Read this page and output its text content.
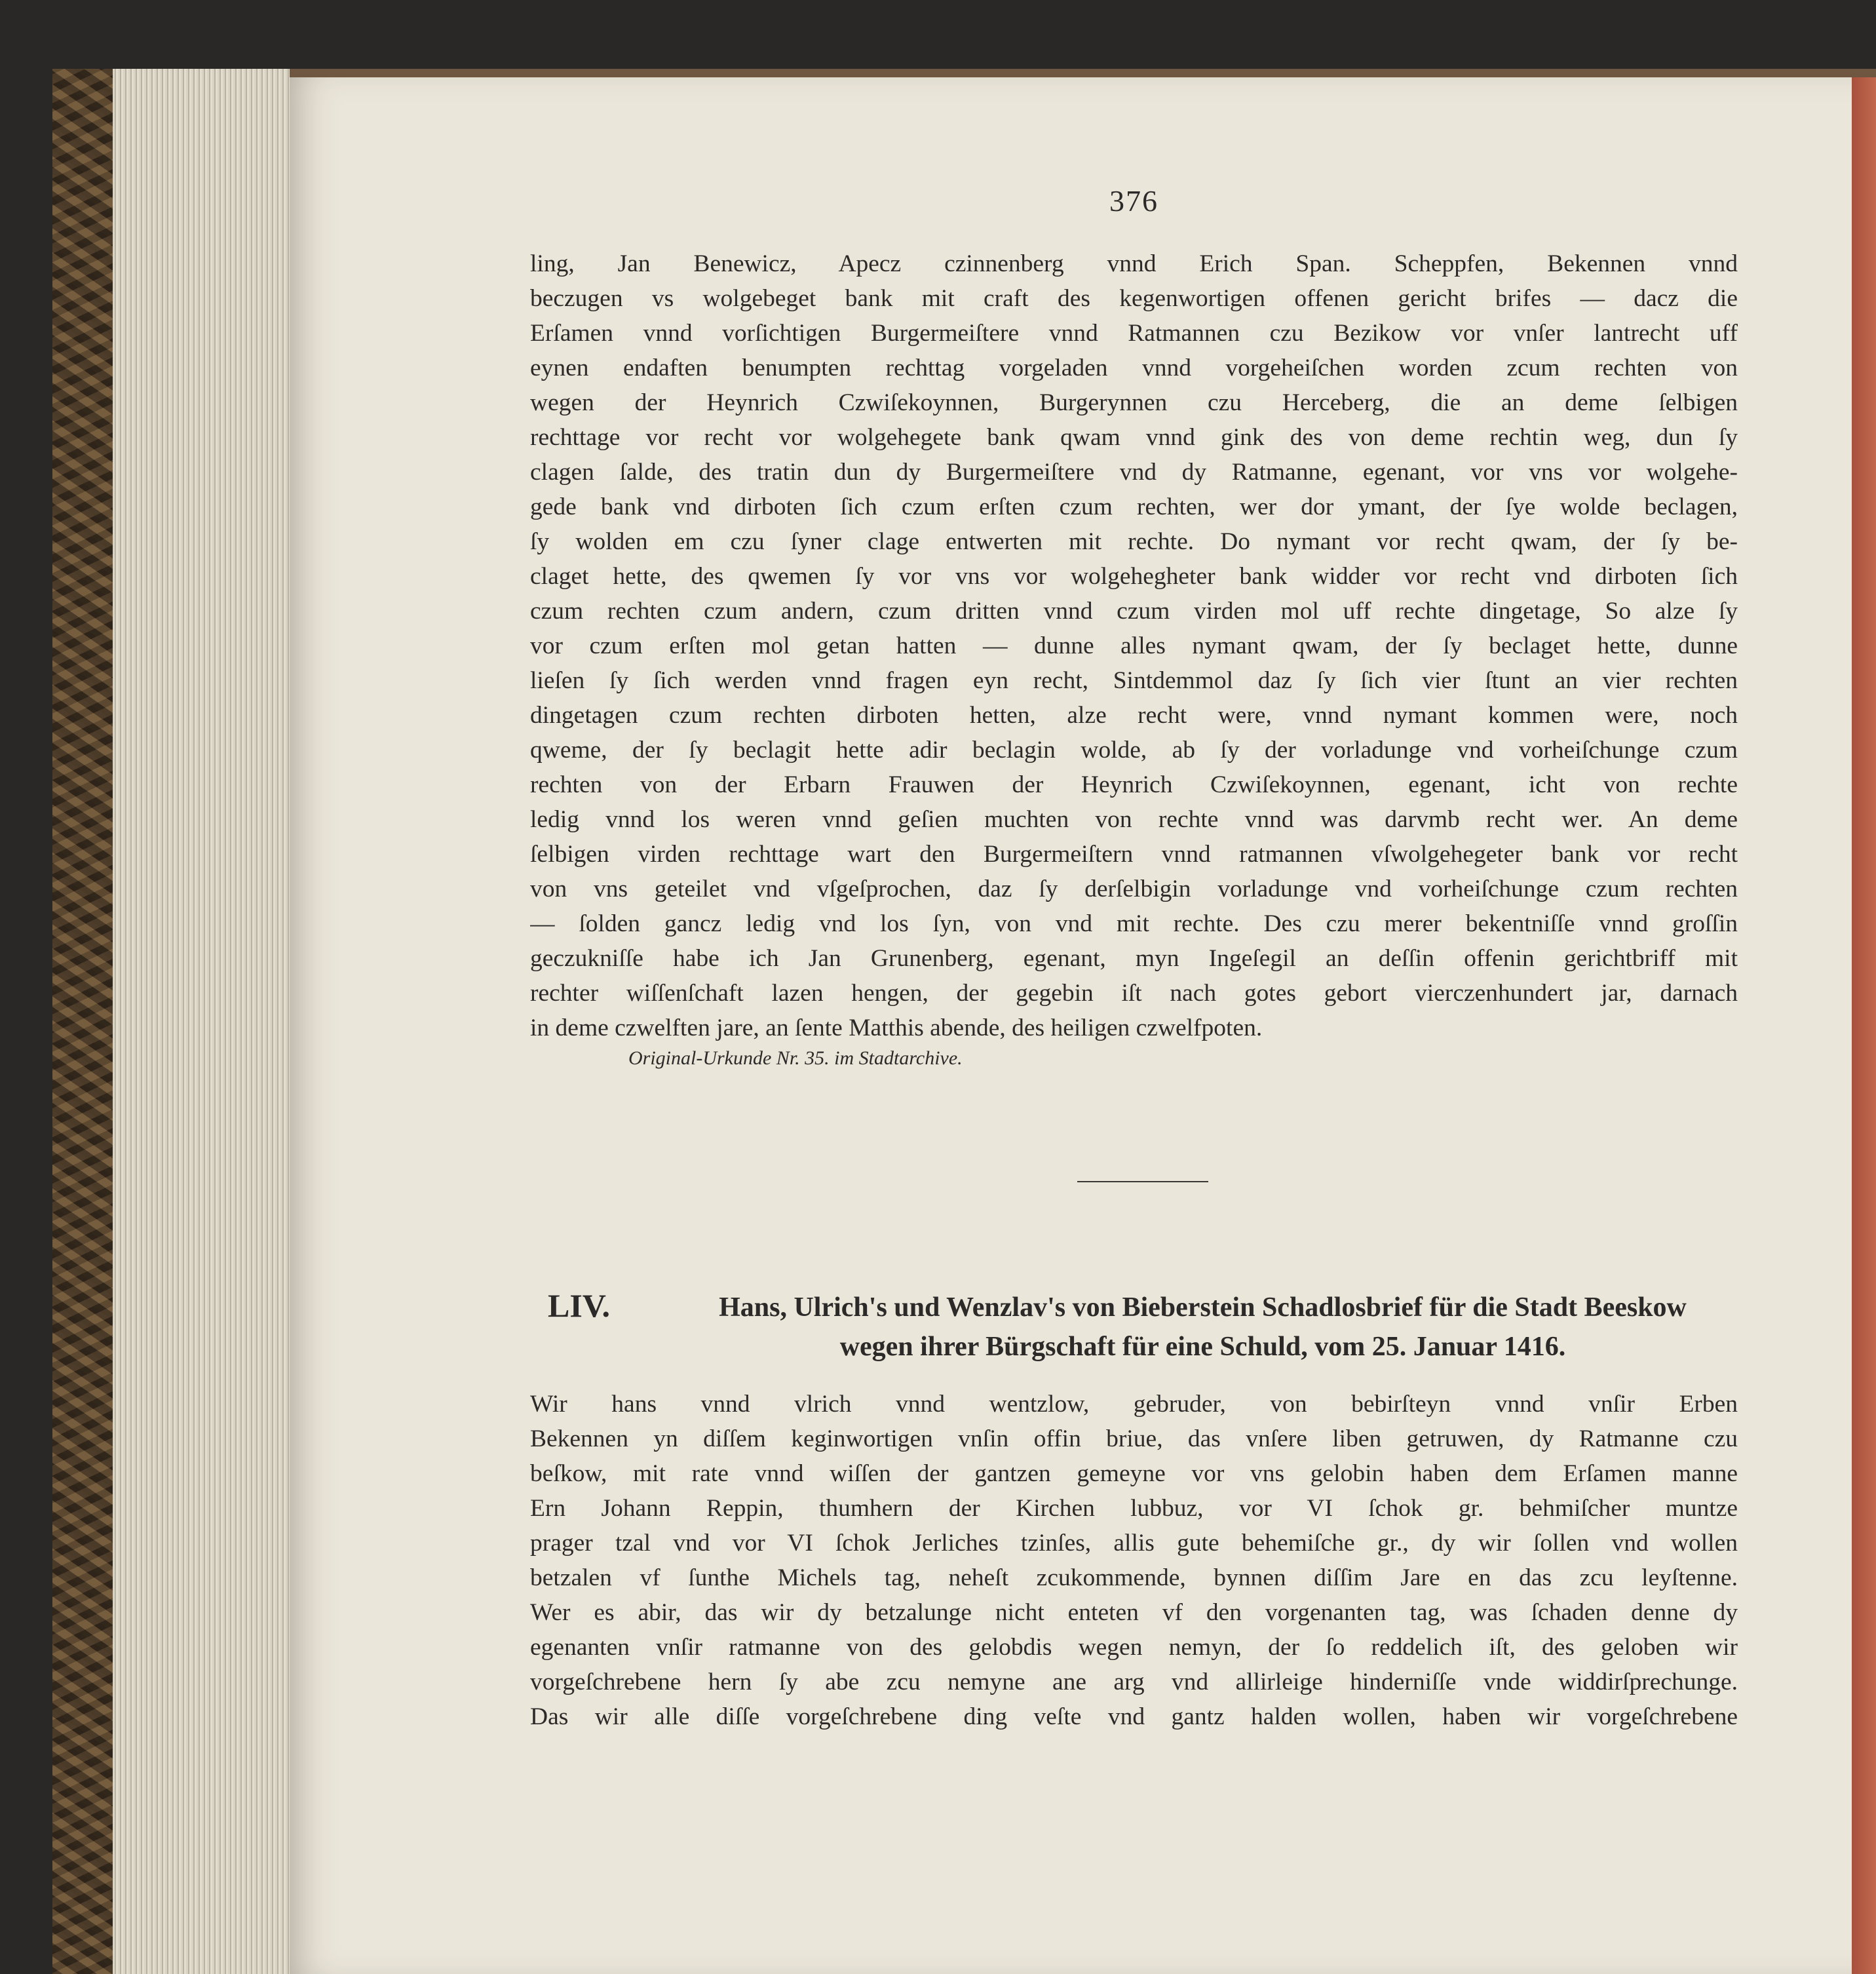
376
ling, Jan Benewicz, Apecz czinnenberg vnnd Erich Span. Scheppfen, Bekennen vnnd
beczugen vs wolgebeget bank mit craft des kegenwortigen offenen gericht brifes — dacz die
Erſamen vnnd vorſichtigen Burgermeiſtere vnnd Ratmannen czu Bezikow vor vnſer lantrecht uff
eynen endaften benumpten rechttag vorgeladen vnnd vorgeheiſchen worden zcum rechten von
wegen der Heynrich Czwiſekoynnen, Burgerynnen czu Herceberg, die an deme ſelbigen
rechttage vor recht vor wolgehegete bank qwam vnnd gink des von deme rechtin weg, dun ſy
clagen ſalde, des tratin dun dy Burgermeiſtere vnd dy Ratmanne, egenant, vor vns vor wolgehe-
gede bank vnd dirboten ſich czum erſten czum rechten, wer dor ymant, der ſye wolde beclagen,
ſy wolden em czu ſyner clage entwerten mit rechte. Do nymant vor recht qwam, der ſy be-
claget hette, des qwemen ſy vor vns vor wolgehegheter bank widder vor recht vnd dirboten ſich
czum rechten czum andern, czum dritten vnnd czum virden mol uff rechte dingetage, So alze ſy
vor czum erſten mol getan hatten — dunne alles nymant qwam, der ſy beclaget hette, dunne
lieſen ſy ſich werden vnnd fragen eyn recht, Sintdemmol daz ſy ſich vier ſtunt an vier rechten
dingetagen czum rechten dirboten hetten, alze recht were, vnnd nymant kommen were, noch
qweme, der ſy beclagit hette adir beclagin wolde, ab ſy der vorladunge vnd vorheiſchunge czum
rechten von der Erbarn Frauwen der Heynrich Czwiſekoynnen, egenant, icht von rechte
ledig vnnd los weren vnnd geſien muchten von rechte vnnd was darvmb recht wer. An deme
ſelbigen virden rechttage wart den Burgermeiſtern vnnd ratmannen vſwolgehegeter bank vor recht
von vns geteilet vnd vſgeſprochen, daz ſy derſelbigin vorladunge vnd vorheiſchunge czum rechten
— ſolden gancz ledig vnd los ſyn, von vnd mit rechte. Des czu merer bekentniſſe vnnd groſſin
geczukniſſe habe ich Jan Grunenberg, egenant, myn Ingeſegil an deſſin offenin gerichtbriff mit
rechter wiſſenſchaft lazen hengen, der gegebin iſt nach gotes gebort vierczenhundert jar, darnach
in deme czwelften jare, an ſente Matthis abende, des heiligen czwelfpoten.
Original-Urkunde Nr. 35. im Stadtarchive.
LIV.	Hans, Ulrich's und Wenzlav's von Bieberstein Schadlosbrief für die Stadt Beeskow
wegen ihrer Bürgschaft für eine Schuld, vom 25. Januar 1416.
Wir hans vnnd vlrich vnnd wentzlow, gebruder, von bebirſteyn vnnd vnſir Erben
Bekennen yn diſſem keginwortigen vnſin offin briue, das vnſere liben getruwen, dy Ratmanne czu
beſkow, mit rate vnnd wiſſen der gantzen gemeyne vor vns gelobin haben dem Erſamen manne
Ern Johann Reppin, thumhern der Kirchen lubbuz, vor VI ſchok gr. behmiſcher muntze
prager tzal vnd vor VI ſchok Jerliches tzinſes, allis gute behemiſche gr., dy wir ſollen vnd wollen
betzalen vf ſunthe Michels tag, neheſt zcukommende, bynnen diſſim Jare en das zcu leyſtenne.
Wer es abir, das wir dy betzalunge nicht enteten vf den vorgenanten tag, was ſchaden denne dy
egenanten vnſir ratmanne von des gelobdis wegen nemyn, der ſo reddelich iſt, des geloben wir
vorgeſchrebene hern ſy abe zcu nemyne ane arg vnd allirleige hinderniſſe vnde widdirſprechunge.
Das wir alle diſſe vorgeſchrebene ding veſte vnd gantz halden wollen, haben wir vorgeſchrebene
